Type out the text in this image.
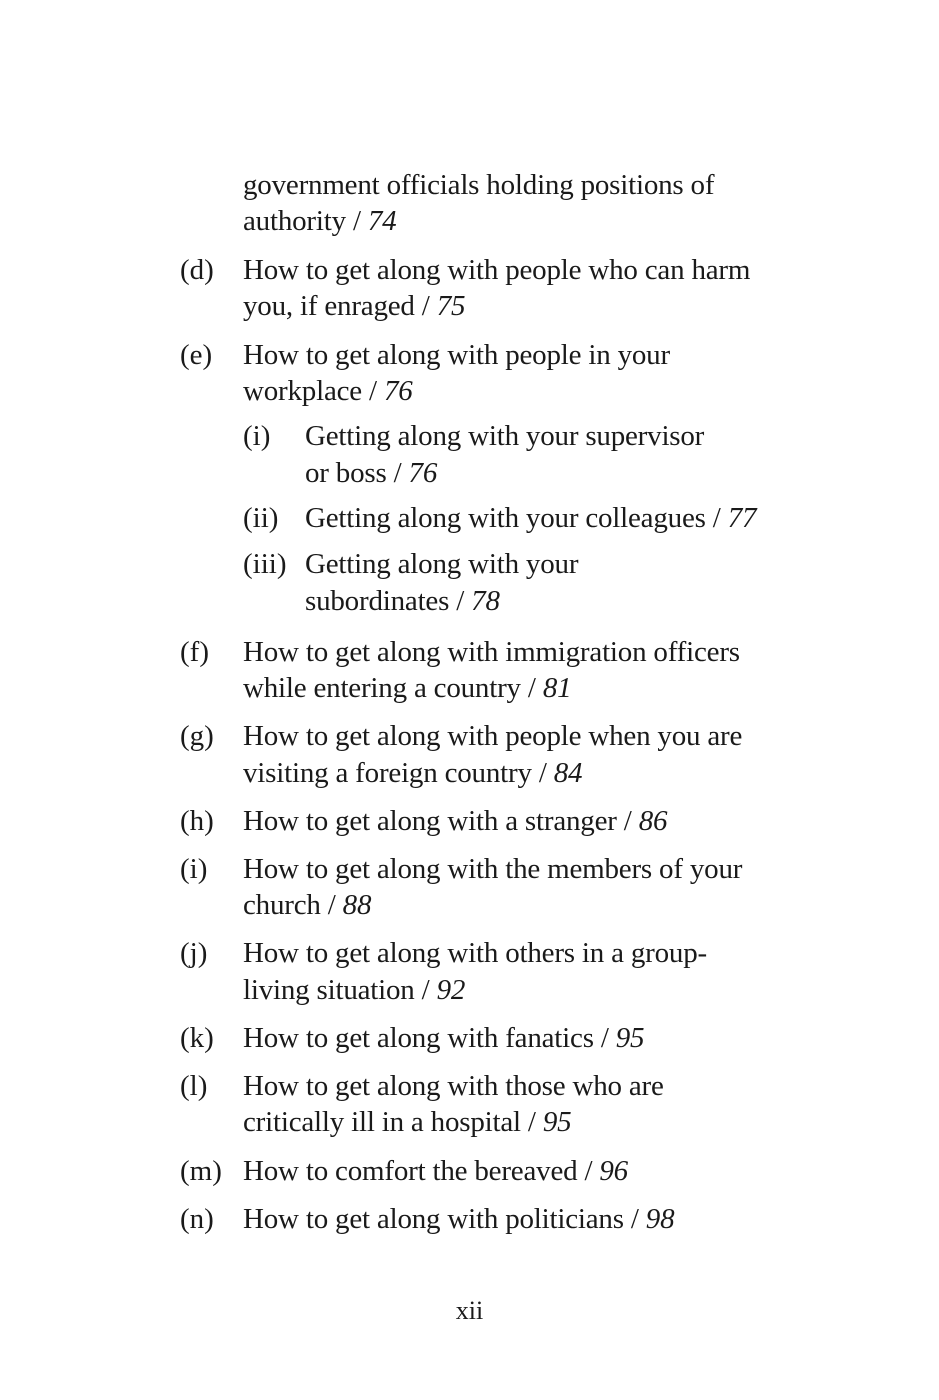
government officials holding positions of
authority / 74
(d) How to get along with people who can harm
you, if enraged / 75
(e) How to get along with people in your
workplace / 76
(i) Getting along with your supervisor
or boss / 76
(ii) Getting along with your colleagues / 77
(iii) Getting along with your
subordinates / 78
(f) How to get along with immigration officers
while entering a country / 81
(g) How to get along with people when you are
visiting a foreign country / 84
(h) How to get along with a stranger / 86
(i) How to get along with the members of your
church / 88
(j) How to get along with others in a group-
living situation / 92
(k) How to get along with fanatics / 95
(l) How to get along with those who are
critically ill in a hospital / 95
(m) How to comfort the bereaved / 96
(n) How to get along with politicians / 98
xii
